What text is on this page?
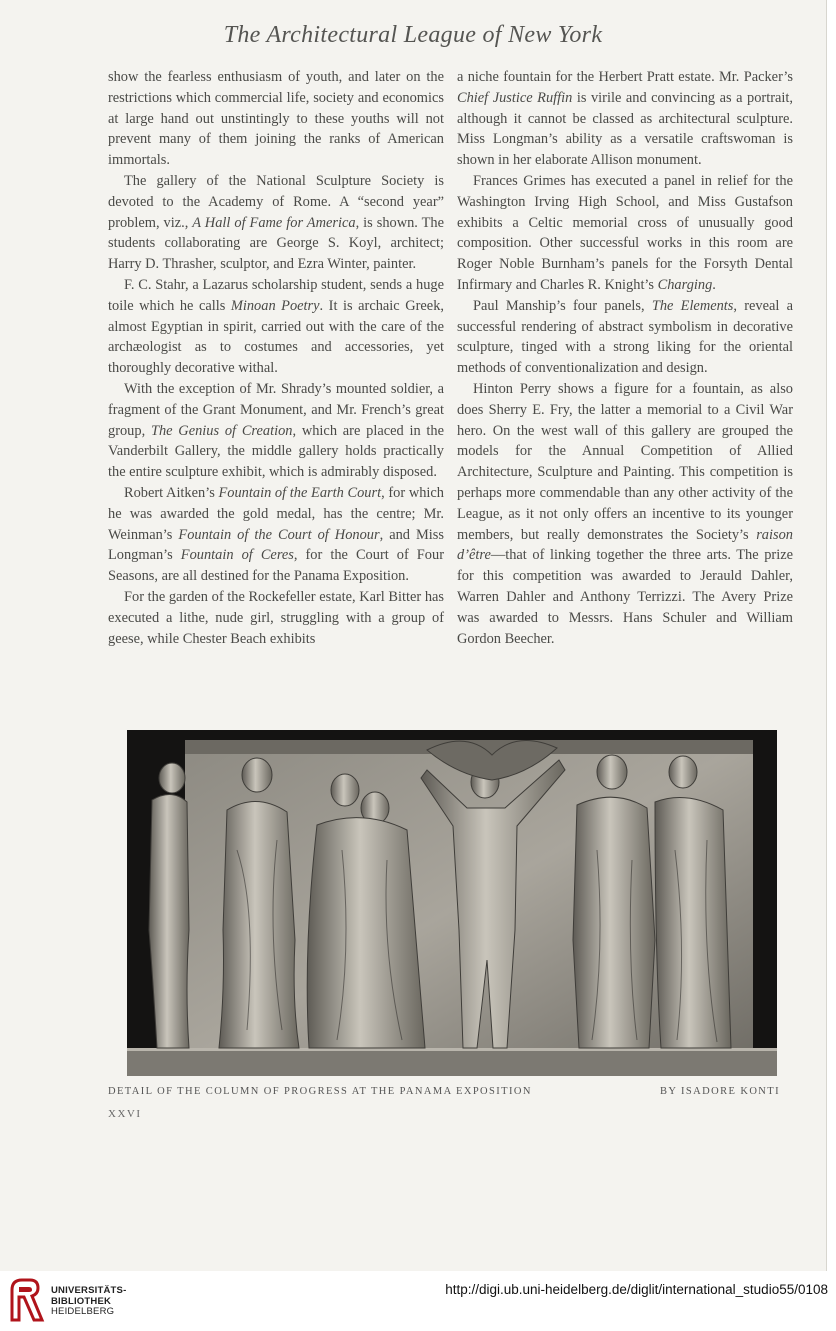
The Architectural League of New York

show the fearless enthusiasm of youth, and later on the restrictions which commercial life, society and economics at large hand out unstintingly to these youths will not prevent many of them joining the ranks of American immortals.

The gallery of the National Sculpture Society is devoted to the Academy of Rome. A “second year” problem, viz., A Hall of Fame for America, is shown. The students collaborating are George S. Koyl, architect; Harry D. Thrasher, sculptor, and Ezra Winter, painter.

F. C. Stahr, a Lazarus scholarship student, sends a huge toile which he calls Minoan Poetry. It is archaic Greek, almost Egyptian in spirit, carried out with the care of the archæologist as to costumes and accessories, yet thoroughly decorative withal.

With the exception of Mr. Shrady’s mounted soldier, a fragment of the Grant Monument, and Mr. French’s great group, The Genius of Creation, which are placed in the Vanderbilt Gallery, the middle gallery holds practically the entire sculpture exhibit, which is admirably disposed.

Robert Aitken’s Fountain of the Earth Court, for which he was awarded the gold medal, has the centre; Mr. Weinman’s Fountain of the Court of Honour, and Miss Longman’s Fountain of Ceres, for the Court of Four Seasons, are all destined for the Panama Exposition.

For the garden of the Rockefeller estate, Karl Bitter has executed a lithe, nude girl, struggling with a group of geese, while Chester Beach exhibits

a niche fountain for the Herbert Pratt estate. Mr. Packer’s Chief Justice Ruffin is virile and convincing as a portrait, although it cannot be classed as architectural sculpture. Miss Longman’s ability as a versatile craftswoman is shown in her elaborate Allison monument.

Frances Grimes has executed a panel in relief for the Washington Irving High School, and Miss Gustafson exhibits a Celtic memorial cross of unusually good composition. Other successful works in this room are Roger Noble Burnham’s panels for the Forsyth Dental Infirmary and Charles R. Knight’s Charging.

Paul Manship’s four panels, The Elements, reveal a successful rendering of abstract symbolism in decorative sculpture, tinged with a strong liking for the oriental methods of conventionalization and design.

Hinton Perry shows a figure for a fountain, as also does Sherry E. Fry, the latter a memorial to a Civil War hero. On the west wall of this gallery are grouped the models for the Annual Competition of Allied Architecture, Sculpture and Painting. This competition is perhaps more commendable than any other activity of the League, as it not only offers an incentive to its younger members, but really demonstrates the Society’s raison d’être—that of linking together the three arts. The prize for this competition was awarded to Jerauld Dahler, Warren Dahler and Anthony Terrizzi. The Avery Prize was awarded to Messrs. Hans Schuler and William Gordon Beecher.

DETAIL OF THE COLUMN OF PROGRESS AT THE PANAMA EXPOSITION	BY ISADORE KONTI
XXVI
UNIVERSITÄTS-
BIBLIOTHEK
HEIDELBERG
http://digi.ub.uni-heidelberg.de/diglit/international_studio55/0108
